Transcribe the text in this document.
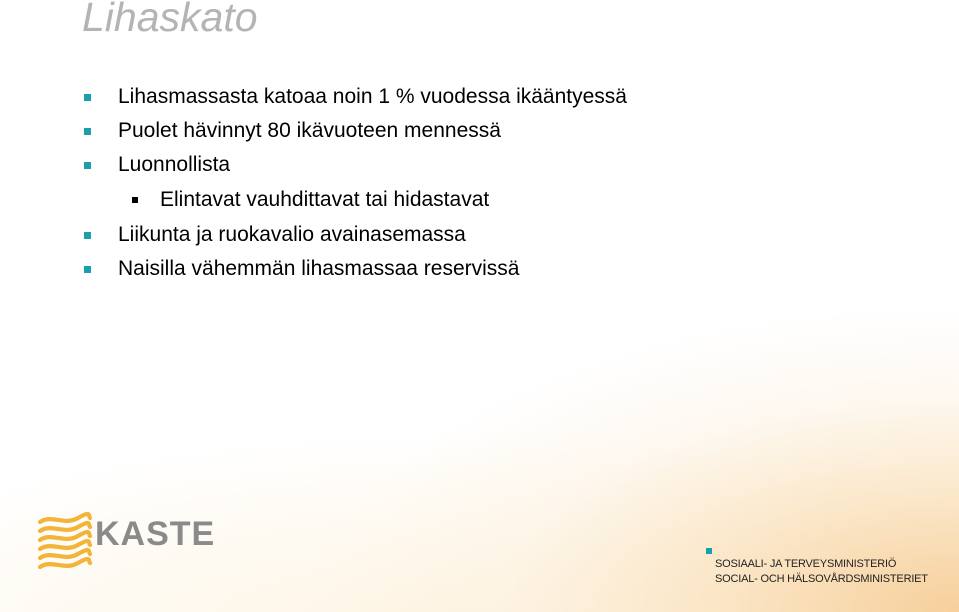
Lihaskato
Lihasmassasta katoaa noin 1 % vuodessa ikääntyessä
Puolet hävinnyt 80 ikävuoteen mennessä
Luonnollista
Elintavat vauhdittavat tai hidastavat
Liikunta ja ruokavalio avainasemassa
Naisilla vähemmän lihasmassaa reservissä
KASTE
SOSIAALI- JA TERVEYSMINISTERIÖ
SOCIAL- OCH HÄLSOVÅRDSMINISTERIET
